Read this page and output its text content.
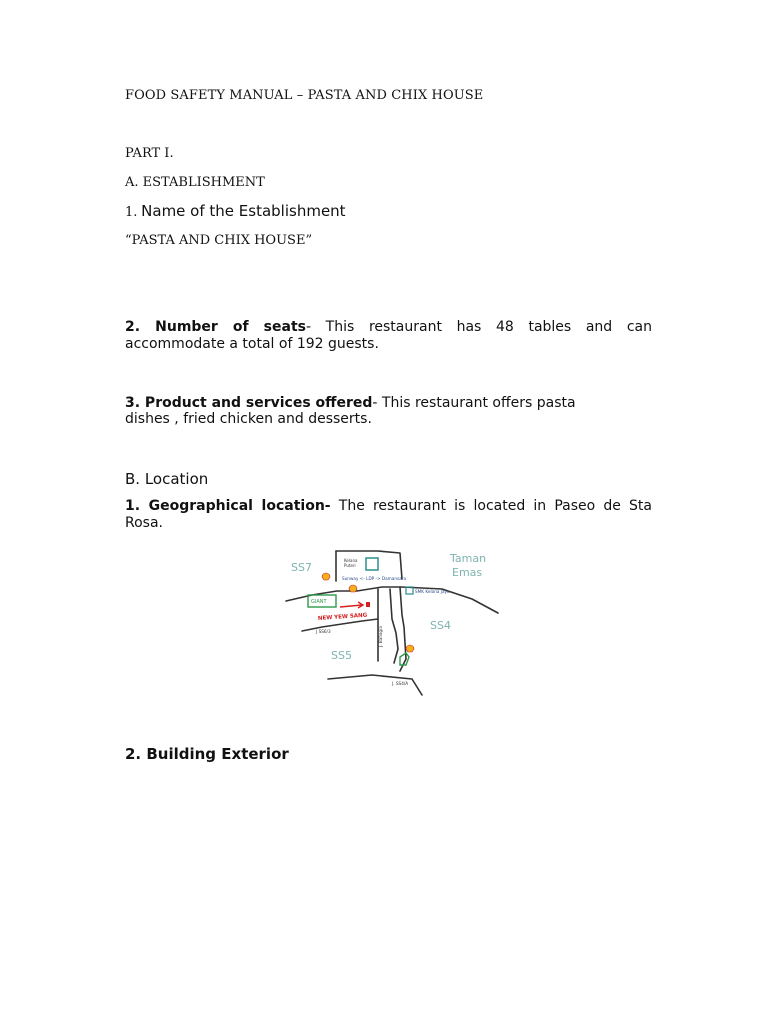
FOOD SAFETY MANUAL – PASTA AND CHIX HOUSE
PART I.
A. ESTABLISHMENT
1. Name of the Establishment
“PASTA AND CHIX HOUSE”
2. Number of seats- This restaurant has 48 tables and can accommodate a total of 192 guests.
3. Product and services offered- This restaurant offers pasta
dishes , fried chicken and desserts.
B. Location
1. Geographical location- The restaurant is located in Paseo de Sta Rosa.
SS7
Taman
Emas
SS4
SS5
Kelana
Puteri
Sunway <- LDP -> Damansara
SMK Kelana Jaya
GIANT
NEW YEW SANG
J SS6/3	J. Bahagia
J. SS4/A
2. Building Exterior
